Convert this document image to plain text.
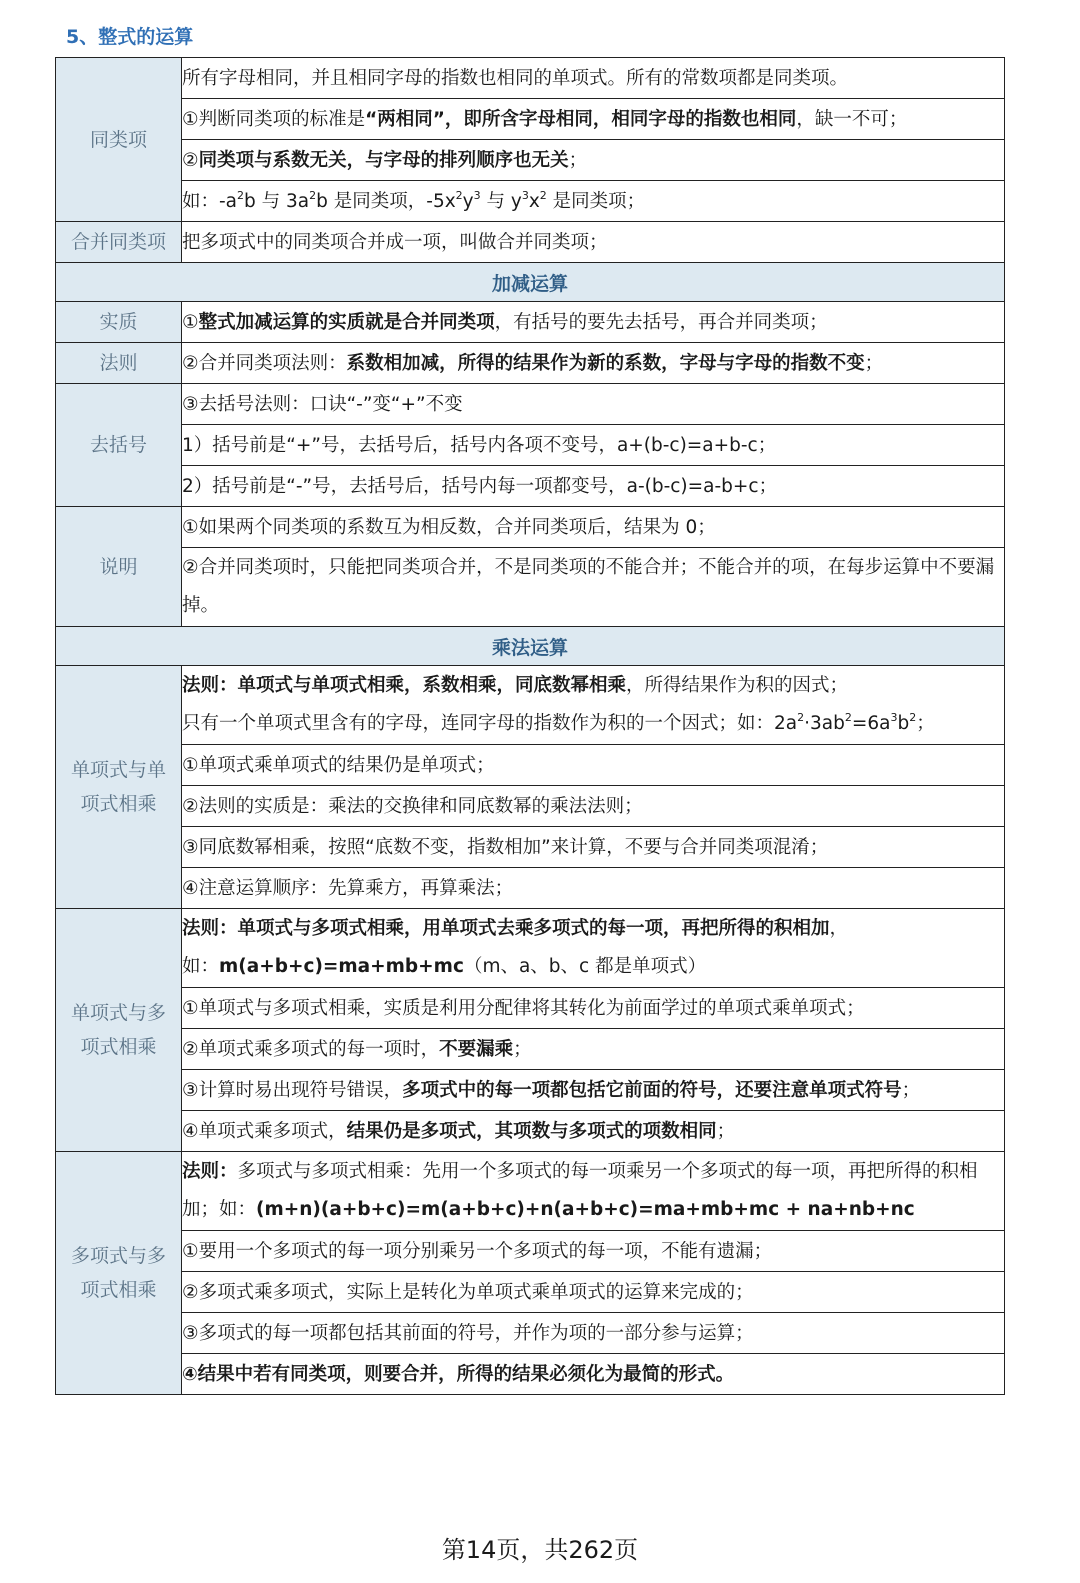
5、整式的运算
同类项	所有字母相同，并且相同字母的指数也相同的单项式。所有的常数项都是同类项。
	①判断同类项的标准是“两相同”，即所含字母相同，相同字母的指数也相同，缺一不可；
	②同类项与系数无关，与字母的排列顺序也无关；
	如：$-a^2b$ 与 $3a^2b$ 是同类项，$-5x^2y^3$ 与 $y^3x^2$ 是同类项；
合并同类项	把多项式中的同类项合并成一项，叫做合并同类项；
加减运算	
实质	①整式加减运算的实质就是合并同类项，有括号的要先去括号，再合并同类项；
法则	②合并同类项法则：系数相加减，所得的结果作为新的系数，字母与字母的指数不变；
去括号	③去括号法则：口诀“-”变“+”不变
	1）括号前是“+”号，去括号后，括号内各项不变号，a+(b-c)=a+b-c；
	2）括号前是“-”号，去括号后，括号内每一项都变号，a-(b-c)=a-b+c；
说明	①如果两个同类项的系数互为相反数，合并同类项后，结果为 0；
	②合并同类项时，只能把同类项合并，不是同类项的不能合并；不能合并的项，在每步运算中不要漏掉。
乘法运算	
单项式与单项式相乘	法则：单项式与单项式相乘，系数相乘，同底数幂相乘，所得结果作为积的因式；
只有一个单项式里含有的字母，连同字母的指数作为积的一个因式；如：$2a^2\cdot 3ab^2=6a^3b^2$；
	①单项式乘单项式的结果仍是单项式；
	②法则的实质是：乘法的交换律和同底数幂的乘法法则；
	③同底数幂相乘，按照“底数不变，指数相加”来计算，不要与合并同类项混淆；
	④注意运算顺序：先算乘方，再算乘法；
单项式与多项式相乘	法则：单项式与多项式相乘，用单项式去乘多项式的每一项，再把所得的积相加，
如：m(a+b+c)=ma+mb+mc（m、a、b、c 都是单项式）
	①单项式与多项式相乘，实质是利用分配律将其转化为前面学过的单项式乘单项式；
	②单项式乘多项式的每一项时，不要漏乘；
	③计算时易出现符号错误，多项式中的每一项都包括它前面的符号，还要注意单项式符号；
	④单项式乘多项式，结果仍是多项式，其项数与多项式的项数相同；
多项式与多项式相乘	法则：多项式与多项式相乘：先用一个多项式的每一项乘另一个多项式的每一项，再把所得的积相加；如：(m+n)(a+b+c)=m(a+b+c)+n(a+b+c)=ma+mb+mc + na+nb+nc
	①要用一个多项式的每一项分别乘另一个多项式的每一项，不能有遗漏；
	②多项式乘多项式，实际上是转化为单项式乘单项式的运算来完成的；
	③多项式的每一项都包括其前面的符号，并作为项的一部分参与运算；
	④结果中若有同类项，则要合并，所得的结果必须化为最简的形式。
第14页，共262页
